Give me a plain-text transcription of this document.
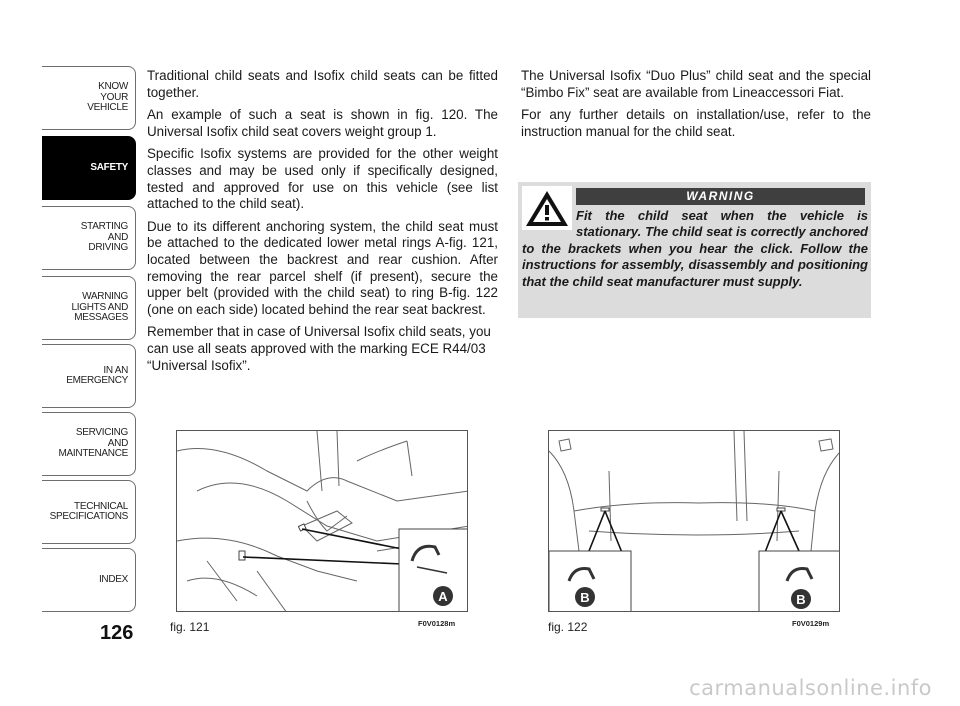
KNOW
YOUR
VEHICLE
SAFETY
STARTING
AND
DRIVING
WARNING
LIGHTS AND
MESSAGES
IN AN
EMERGENCY
SERVICING
AND
MAINTENANCE
TECHNICAL
SPECIFICATIONS
INDEX
126

Traditional child seats and Isofix child seats can be fitted together.

An example of such a seat is shown in fig. 120. The Universal Isofix child seat covers weight group 1.

Specific Isofix systems are provided for the other weight classes and may be used only if specifically designed, tested and approved for use on this vehicle (see list attached to the child seat).

Due to its different anchoring system, the child seat must be attached to the dedicated lower metal rings A-fig. 121, located between the backrest and rear cushion. After removing the rear parcel shelf (if present), secure the upper belt (provided with the child seat) to ring B-fig. 122 (one on each side) located behind the rear seat backrest.

Remember that in case of Universal Isofix child seats, you can use all seats approved with the marking ECE R44/03 “Universal Isofix”.

The Universal Isofix “Duo Plus” child seat and the special “Bimbo Fix” seat are available from Lineaccessori Fiat.

For any further details on installation/use, refer to the instruction manual for the child seat.

WARNING
Fit the child seat when the vehicle is stationary. The child seat is correctly anchored to the brackets when you hear the click. Follow the instructions for assembly, disassembly and positioning that the child seat manufacturer must supply.
A
fig. 121	F0V0128m
B	B
fig. 122	F0V0129m
carmanualsonline.info
